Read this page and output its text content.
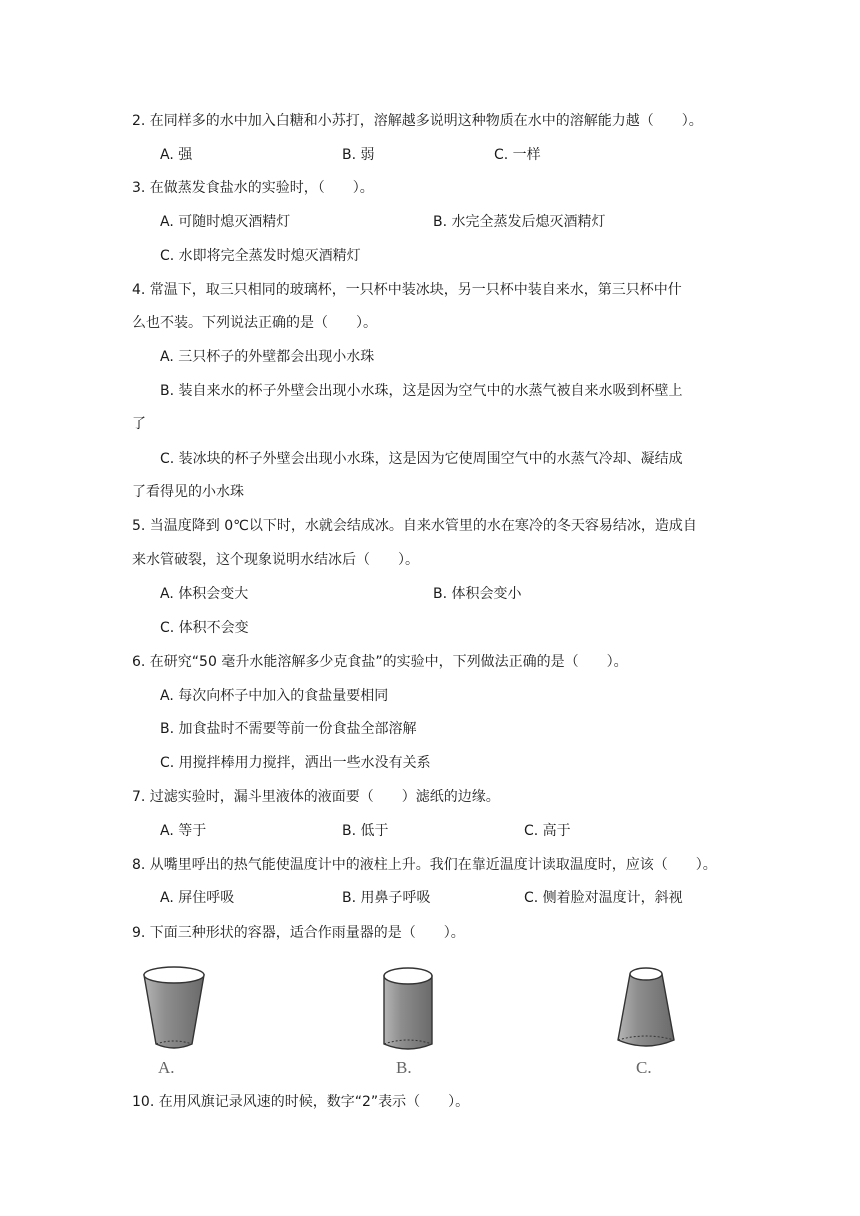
2. 在同样多的水中加入白糖和小苏打，溶解越多说明这种物质在水中的溶解能力越（　　）。
A. 强	B. 弱	C. 一样
3. 在做蒸发食盐水的实验时，（　　）。
A. 可随时熄灭酒精灯	B. 水完全蒸发后熄灭酒精灯
C. 水即将完全蒸发时熄灭酒精灯
4. 常温下，取三只相同的玻璃杯，一只杯中装冰块，另一只杯中装自来水，第三只杯中什
么也不装。下列说法正确的是（　　）。
A. 三只杯子的外壁都会出现小水珠
B. 装自来水的杯子外壁会出现小水珠，这是因为空气中的水蒸气被自来水吸到杯壁上
了
C. 装冰块的杯子外壁会出现小水珠，这是因为它使周围空气中的水蒸气冷却、凝结成
了看得见的小水珠
5. 当温度降到 0℃以下时，水就会结成冰。自来水管里的水在寒冷的冬天容易结冰，造成自
来水管破裂，这个现象说明水结冰后（　　）。
A. 体积会变大	B. 体积会变小
C. 体积不会变
6. 在研究“50 毫升水能溶解多少克食盐”的实验中，下列做法正确的是（　　）。
A. 每次向杯子中加入的食盐量要相同
B. 加食盐时不需要等前一份食盐全部溶解
C. 用搅拌棒用力搅拌，洒出一些水没有关系
7. 过滤实验时，漏斗里液体的液面要（　　）滤纸的边缘。
A. 等于	B. 低于	C. 高于
8. 从嘴里呼出的热气能使温度计中的液柱上升。我们在靠近温度计读取温度时，应该（　　）。
A. 屏住呼吸	B. 用鼻子呼吸	C. 侧着脸对温度计，斜视
9. 下面三种形状的容器，适合作雨量器的是（　　）。
A.	B.	C.
10. 在用风旗记录风速的时候，数字“2”表示（　　）。
